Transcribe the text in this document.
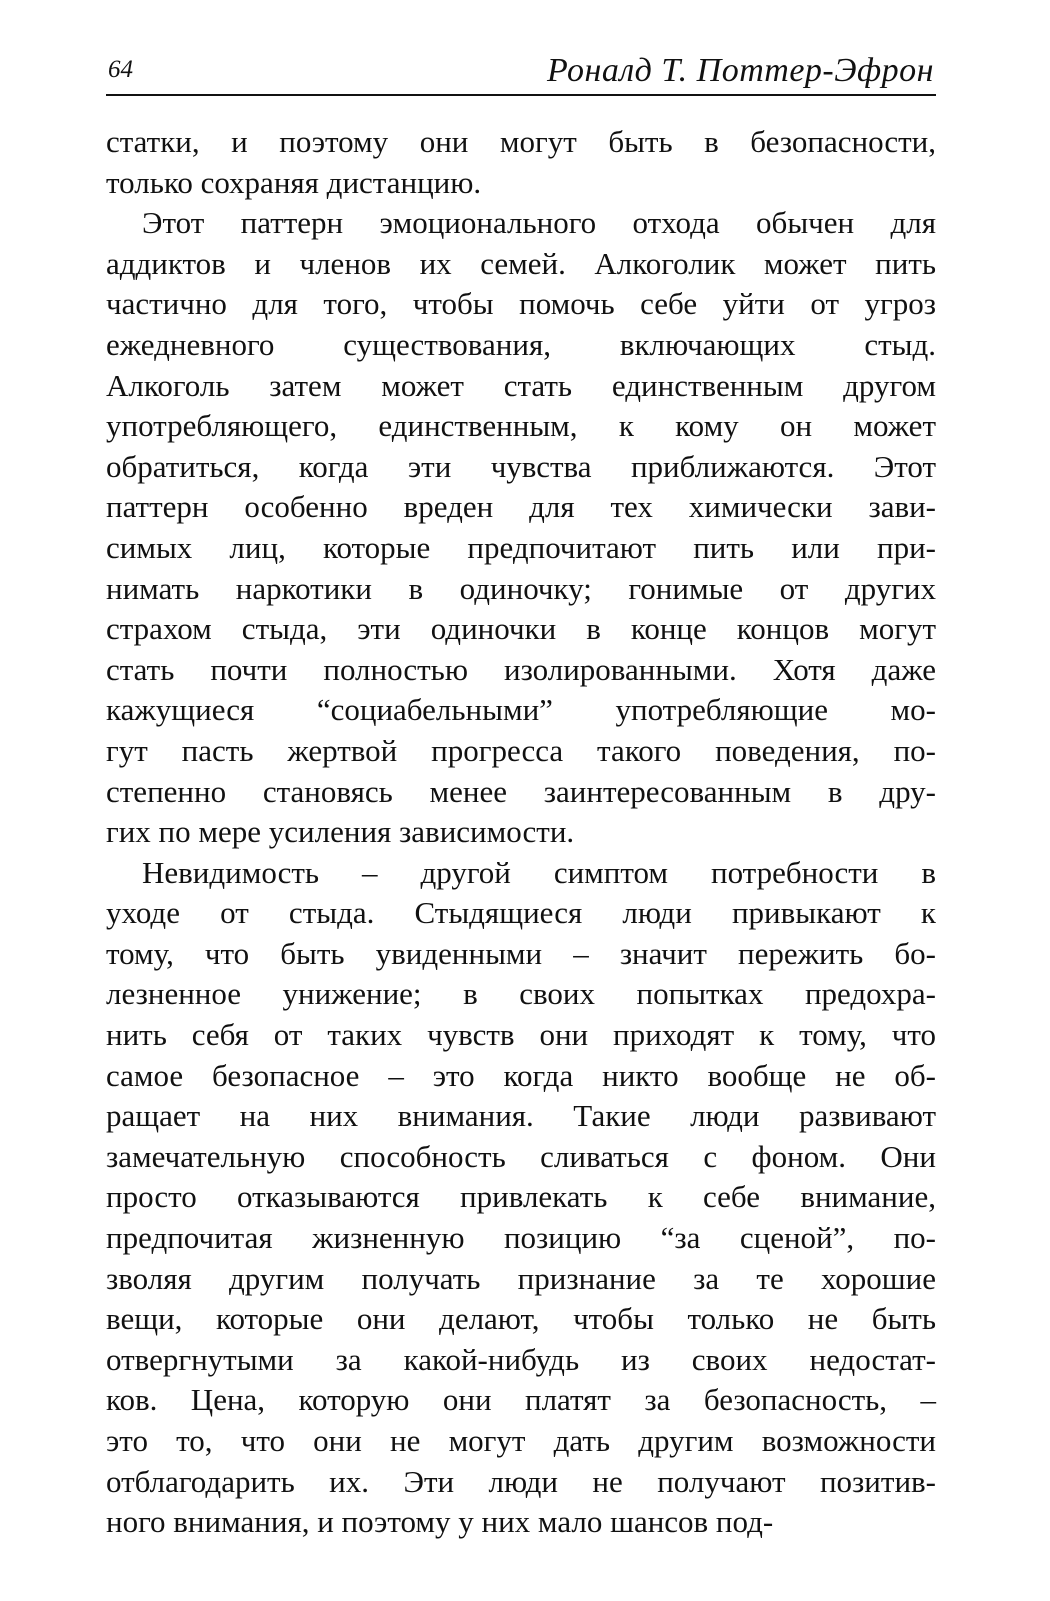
64	Роналд Т. Поттер-Эфрон
статки, и поэтому они могут быть в безопасности,
только сохраняя дистанцию.
Этот паттерн эмоционального отхода обычен для
аддиктов и членов их семей. Алкоголик может пить
частично для того, чтобы помочь себе уйти от угроз
ежедневного существования, включающих стыд.
Алкоголь затем может стать единственным другом
употребляющего, единственным, к кому он может
обратиться, когда эти чувства приближаются. Этот
паттерн особенно вреден для тех химически зави-
симых лиц, которые предпочитают пить или при-
нимать наркотики в одиночку; гонимые от других
страхом стыда, эти одиночки в конце концов могут
стать почти полностью изолированными. Хотя даже
кажущиеся “социабельными” употребляющие мо-
гут пасть жертвой прогресса такого поведения, по-
степенно становясь менее заинтересованным в дру-
гих по мере усиления зависимости.
Невидимость – другой симптом потребности в
уходе от стыда. Стыдящиеся люди привыкают к
тому, что быть увиденными – значит пережить бо-
лезненное унижение; в своих попытках предохра-
нить себя от таких чувств они приходят к тому, что
самое безопасное – это когда никто вообще не об-
ращает на них внимания. Такие люди развивают
замечательную способность сливаться с фоном. Они
просто отказываются привлекать к себе внимание,
предпочитая жизненную позицию “за сценой”, по-
зволяя другим получать признание за те хорошие
вещи, которые они делают, чтобы только не быть
отвергнутыми за какой-нибудь из своих недостат-
ков. Цена, которую они платят за безопасность, –
это то, что они не могут дать другим возможности
отблагодарить их. Эти люди не получают позитив-
ного внимания, и поэтому у них мало шансов под-
